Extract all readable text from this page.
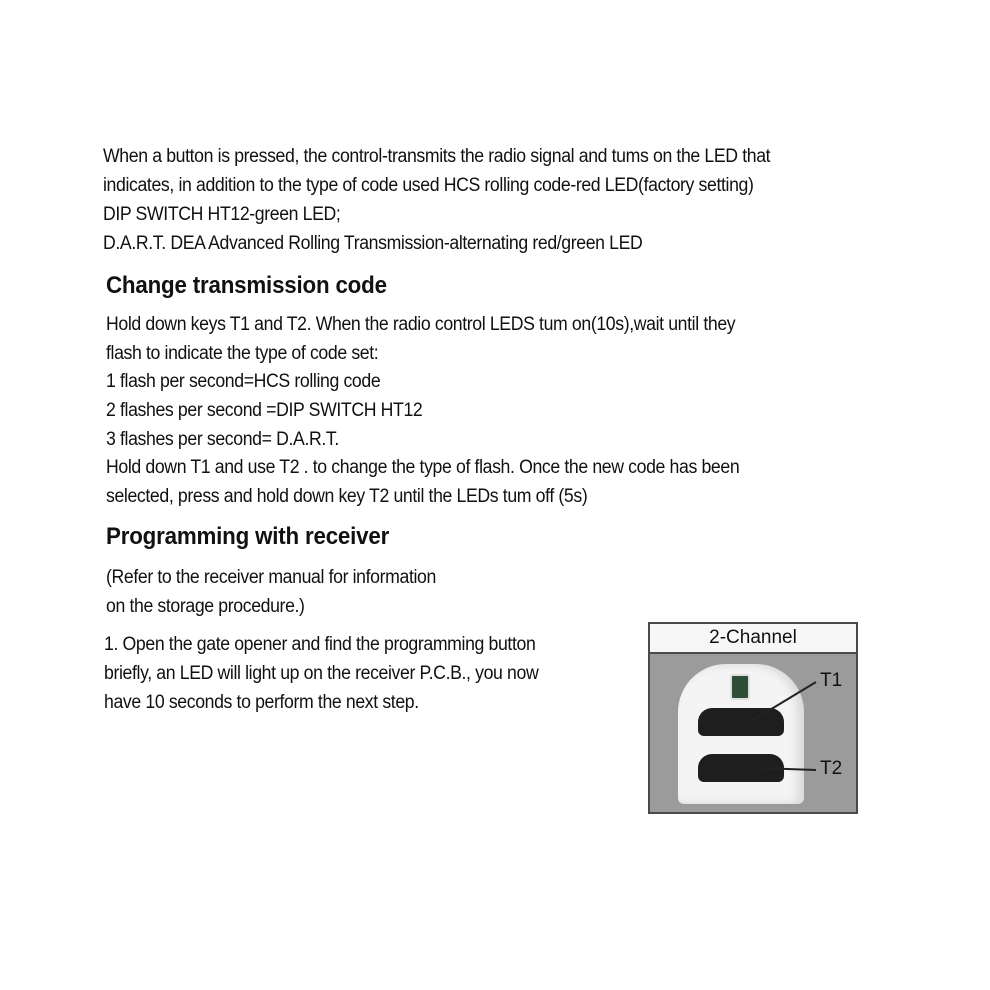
When a button is pressed, the control-transmits the radio signal and tums on the LED that
indicates, in addition to the type of code used HCS rolling code-red LED(factory setting)
DIP SWITCH HT12-green LED;
D.A.R.T. DEA Advanced Rolling Transmission-alternating red/green LED
Change transmission code
Hold down keys T1 and T2. When the radio control LEDS tum on(10s),wait until they
flash to indicate the type of code set:
1 flash per second=HCS rolling code
2 flashes per second =DIP SWITCH HT12
3 flashes per second= D.A.R.T.
Hold down T1 and use T2 . to change the type of flash. Once the new code has been
selected, press and hold down key T2 until the LEDs tum off (5s)
Programming with receiver
(Refer to the receiver manual for information
on the storage procedure.)
1. Open the gate opener and find the programming button
briefly, an LED will light up on the receiver P.C.B., you now
have 10 seconds to perform the next step.
2-Channel
T1
T2
